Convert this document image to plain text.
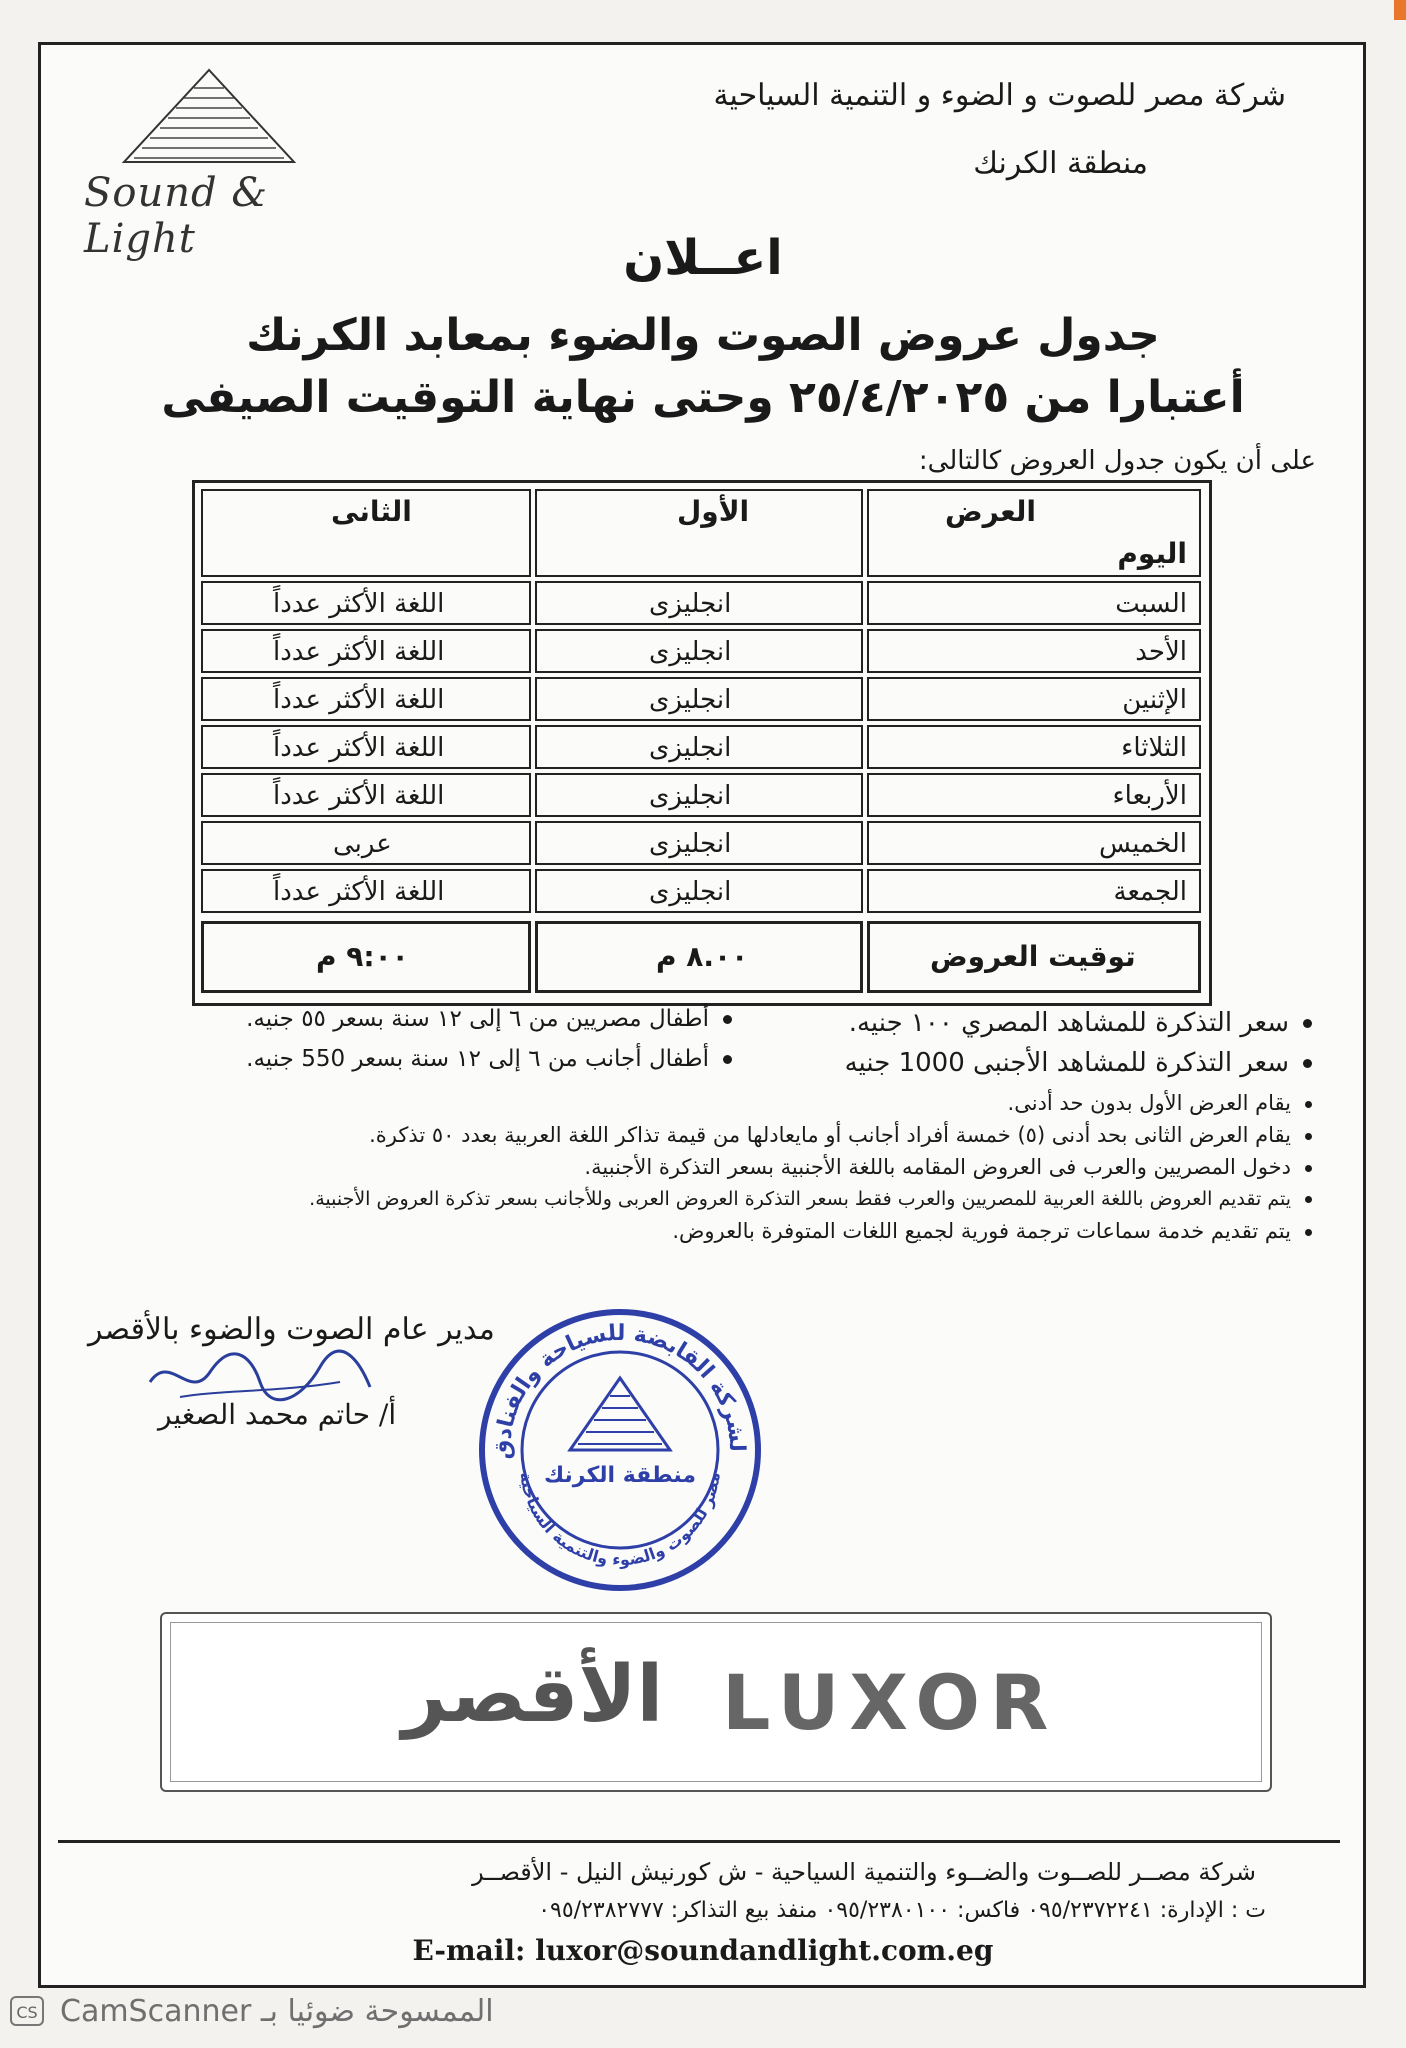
Sound & Light
شركة مصر للصوت و الضوء و التنمية السياحية
منطقة الكرنك
اعــلان
جدول عروض الصوت والضوء بمعابد الكرنك
أعتبارا من ٢٥/٤/٢٠٢٥ وحتى نهاية التوقيت الصيفى
على أن يكون جدول العروض كالتالى:
العرض
اليوم
الأول
الثانى
السبت
انجليزى
اللغة الأكثر عدداً
الأحد
انجليزى
اللغة الأكثر عدداً
الإثنين
انجليزى
اللغة الأكثر عدداً
الثلاثاء
انجليزى
اللغة الأكثر عدداً
الأربعاء
انجليزى
اللغة الأكثر عدداً
الخميس
انجليزى
عربى
الجمعة
انجليزى
اللغة الأكثر عدداً
توقيت العروض
٨.٠٠ م
٩:٠٠ م
سعر التذكرة للمشاهد المصري ١٠٠ جنيه.
أطفال مصريين من ٦ إلى ١٢ سنة بسعر ٥٥ جنيه.
سعر التذكرة للمشاهد الأجنبى 1000 جنيه
أطفال أجانب من ٦ إلى ١٢ سنة بسعر 550 جنيه.
يقام العرض الأول بدون حد أدنى.
يقام العرض الثانى بحد أدنى (٥) خمسة أفراد أجانب أو مايعادلها من قيمة تذاكر اللغة العربية بعدد ٥٠ تذكرة.
دخول المصريين والعرب فى العروض المقامه باللغة الأجنبية بسعر التذكرة الأجنبية.
يتم تقديم العروض باللغة العربية للمصريين والعرب فقط بسعر التذكرة العروض العربى وللأجانب بسعر تذكرة العروض الأجنبية.
يتم تقديم خدمة سماعات ترجمة فورية لجميع اللغات المتوفرة بالعروض.
مدير عام الصوت والضوء بالأقصر
أ/ حاتم محمد الصغير
لشركة القابضة للسياحة والفنادق
مصر للصوت والضوء والتنمية السياحية
منطقة الكرنك
الأقصر LUXOR
شركة مصــر للصــوت والضــوء والتنمية السياحية - ش كورنيش النيل - الأقصــر
ت : الإدارة: ٠٩٥/٢٣٧٢٢٤١ فاكس: ٠٩٥/٢٣٨٠١٠٠ منفذ بيع التذاكر: ٠٩٥/٢٣٨٢٧٧٧
E-mail: luxor@soundandlight.com.eg
CS الممسوحة ضوئيا بـ CamScanner
